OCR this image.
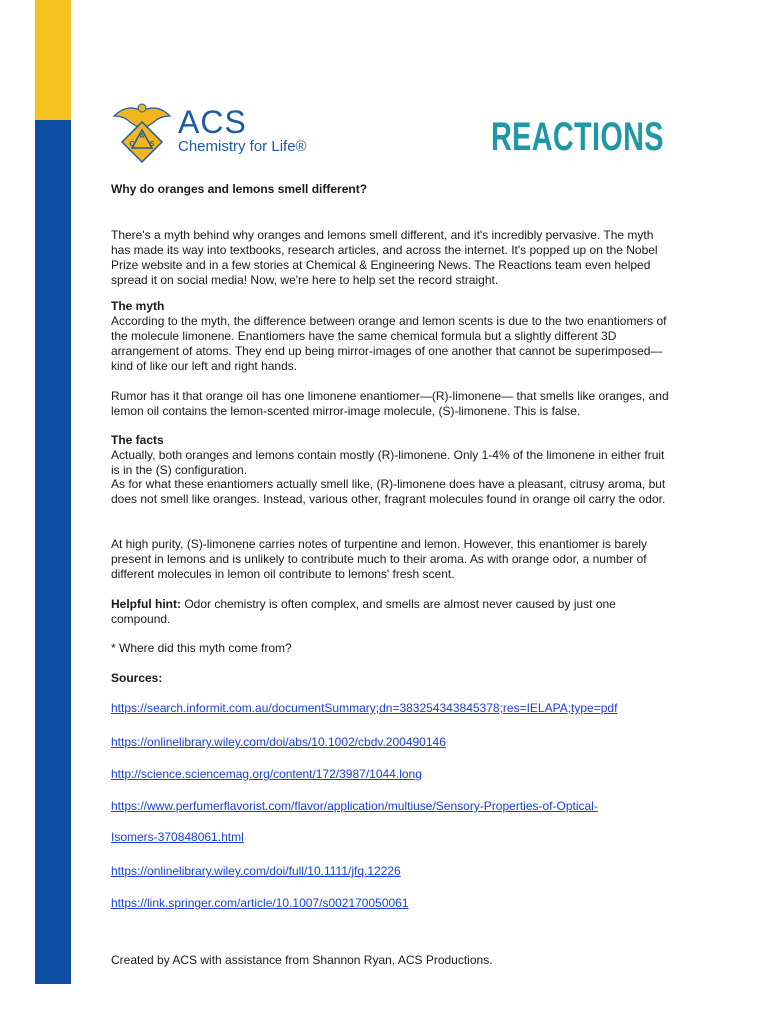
A
C S
ACS
Chemistry for Life®	REACTIONS

Why do oranges and lemons smell different?

There's a myth behind why oranges and lemons smell different, and it's incredibly pervasive. The myth has made its way into textbooks, research articles, and across the internet. It's popped up on the Nobel Prize website and in a few stories at Chemical & Engineering News. The Reactions team even helped spread it on social media! Now, we're here to help set the record straight.

The myth

According to the myth, the difference between orange and lemon scents is due to the two enantiomers of the molecule limonene. Enantiomers have the same chemical formula but a slightly different 3D arrangement of atoms. They end up being mirror-images of one another that cannot be superimposed—kind of like our left and right hands.

Rumor has it that orange oil has one limonene enantiomer—(R)-limonene— that smells like oranges, and lemon oil contains the lemon-scented mirror-image molecule, (S)-limonene. This is false.

The facts

Actually, both oranges and lemons contain mostly (R)-limonene. Only 1-4% of the limonene in either fruit is in the (S) configuration.

As for what these enantiomers actually smell like, (R)-limonene does have a pleasant, citrusy aroma, but does not smell like oranges. Instead, various other, fragrant molecules found in orange oil carry the odor.

At high purity, (S)-limonene carries notes of turpentine and lemon. However, this enantiomer is barely present in lemons and is unlikely to contribute much to their aroma. As with orange odor, a number of different molecules in lemon oil contribute to lemons' fresh scent.

Helpful hint: Odor chemistry is often complex, and smells are almost never caused by just one compound.

* Where did this myth come from?

Sources:

https://search.informit.com.au/documentSummary;dn=383254343845378;res=IELAPA;type=pdf

https://onlinelibrary.wiley.com/doi/abs/10.1002/cbdv.200490146

http://science.sciencemag.org/content/172/3987/1044.long

https://www.perfumerflavorist.com/flavor/application/multiuse/Sensory-Properties-of-Optical-

Isomers-370848061.html

https://onlinelibrary.wiley.com/doi/full/10.1111/jfq.12226

https://link.springer.com/article/10.1007/s002170050061

Created by ACS with assistance from Shannon Ryan, ACS Productions.
